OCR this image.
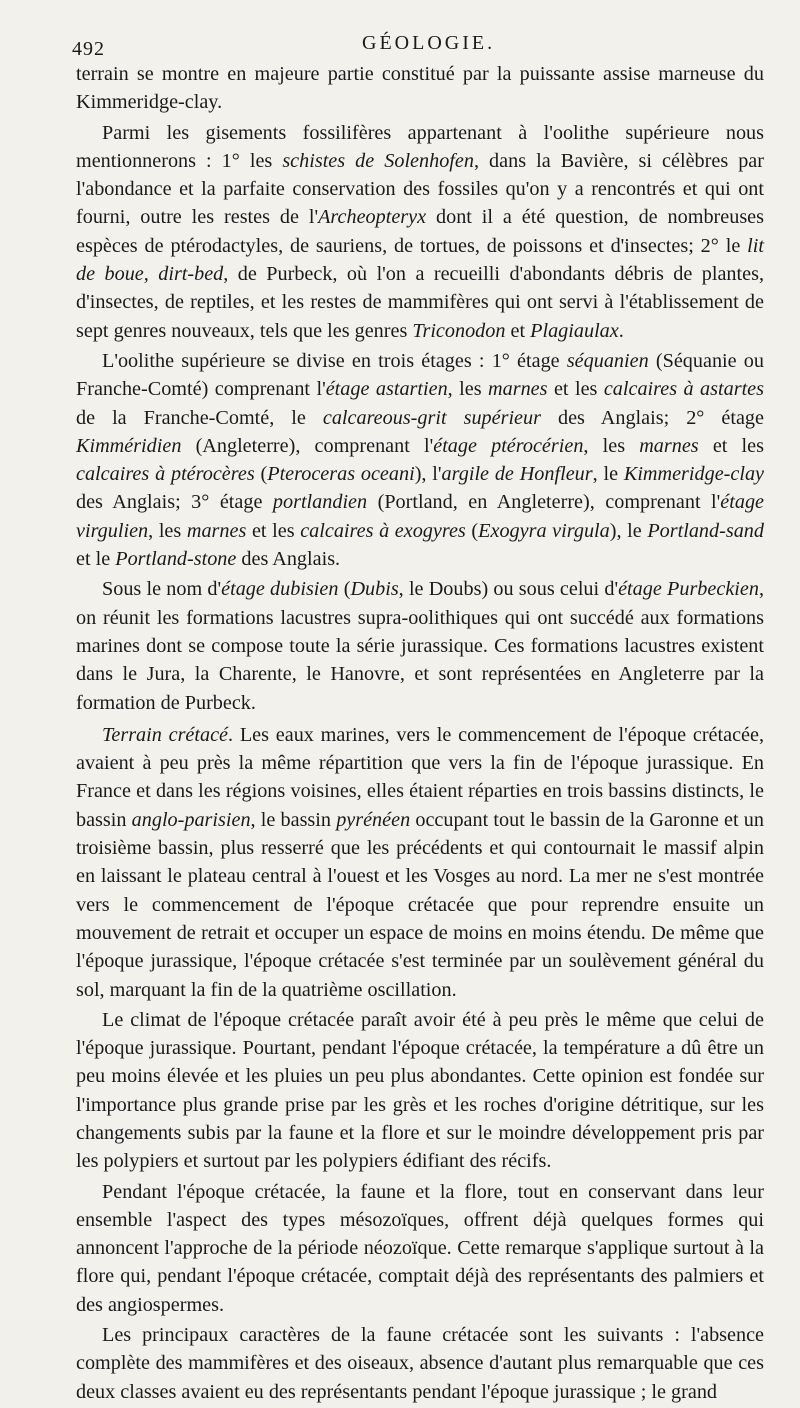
492	GÉOLOGIE.

terrain se montre en majeure partie constitué par la puissante assise marneuse du Kimmeridge-clay.

Parmi les gisements fossilifères appartenant à l'oolithe supérieure nous mentionnerons : 1° les schistes de Solenhofen, dans la Bavière, si célèbres par l'abondance et la parfaite conservation des fossiles qu'on y a rencontrés et qui ont fourni, outre les restes de l'Archeopteryx dont il a été question, de nombreuses espèces de ptérodactyles, de sauriens, de tortues, de poissons et d'insectes; 2° le lit de boue, dirt-bed, de Purbeck, où l'on a recueilli d'abondants débris de plantes, d'insectes, de reptiles, et les restes de mammifères qui ont servi à l'établissement de sept genres nouveaux, tels que les genres Triconodon et Plagiaulax.

L'oolithe supérieure se divise en trois étages : 1° étage séquanien (Séquanie ou Franche-Comté) comprenant l'étage astartien, les marnes et les calcaires à astartes de la Franche-Comté, le calcareous-grit supérieur des Anglais; 2° étage Kimméridien (Angleterre), comprenant l'étage ptérocérien, les marnes et les calcaires à ptérocères (Pteroceras oceani), l'argile de Honfleur, le Kimmeridge-clay des Anglais; 3° étage portlandien (Portland, en Angleterre), comprenant l'étage virgulien, les marnes et les calcaires à exogyres (Exogyra virgula), le Portland-sand et le Portland-stone des Anglais.

Sous le nom d'étage dubisien (Dubis, le Doubs) ou sous celui d'étage Purbeckien, on réunit les formations lacustres supra-oolithiques qui ont succédé aux formations marines dont se compose toute la série jurassique. Ces formations lacustres existent dans le Jura, la Charente, le Hanovre, et sont représentées en Angleterre par la formation de Purbeck.

Terrain crétacé. Les eaux marines, vers le commencement de l'époque crétacée, avaient à peu près la même répartition que vers la fin de l'époque jurassique. En France et dans les régions voisines, elles étaient réparties en trois bassins distincts, le bassin anglo-parisien, le bassin pyrénéen occupant tout le bassin de la Garonne et un troisième bassin, plus resserré que les précédents et qui contournait le massif alpin en laissant le plateau central à l'ouest et les Vosges au nord. La mer ne s'est montrée vers le commencement de l'époque crétacée que pour reprendre ensuite un mouvement de retrait et occuper un espace de moins en moins étendu. De même que l'époque jurassique, l'époque crétacée s'est terminée par un soulèvement général du sol, marquant la fin de la quatrième oscillation.

Le climat de l'époque crétacée paraît avoir été à peu près le même que celui de l'époque jurassique. Pourtant, pendant l'époque crétacée, la température a dû être un peu moins élevée et les pluies un peu plus abondantes. Cette opinion est fondée sur l'importance plus grande prise par les grès et les roches d'origine détritique, sur les changements subis par la faune et la flore et sur le moindre développement pris par les polypiers et surtout par les polypiers édifiant des récifs.

Pendant l'époque crétacée, la faune et la flore, tout en conservant dans leur ensemble l'aspect des types mésozoïques, offrent déjà quelques formes qui annoncent l'approche de la période néozoïque. Cette remarque s'applique surtout à la flore qui, pendant l'époque crétacée, comptait déjà des représentants des palmiers et des angiospermes.

Les principaux caractères de la faune crétacée sont les suivants : l'absence complète des mammifères et des oiseaux, absence d'autant plus remarquable que ces deux classes avaient eu des représentants pendant l'époque jurassique ; le grand
